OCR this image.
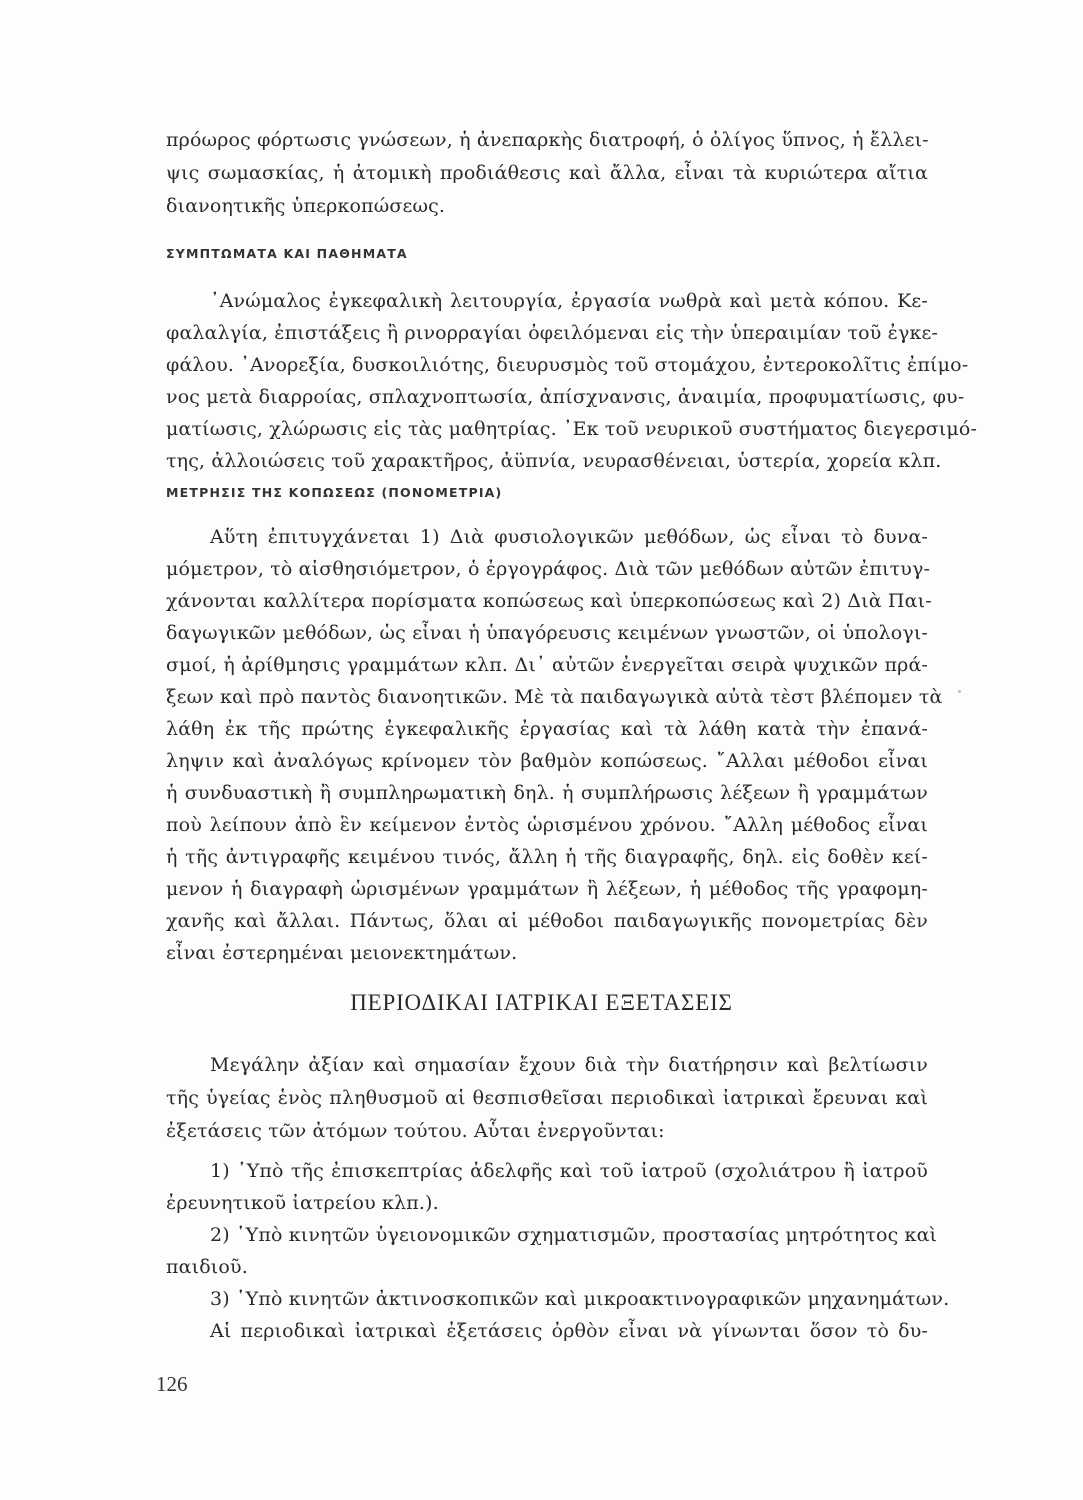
πρόωρος φόρτωσις γνώσεων, ἡ ἀνεπαρκὴς διατροφή, ὁ ὀλίγος ὕπνος, ἡ ἔλλει-
ψις σωμασκίας, ἡ ἀτομικὴ προδιάθεσις καὶ ἄλλα, εἶναι τὰ κυριώτερα αἴτια
διανοητικῆς ὑπερκοπώσεως.
ΣΥΜΠΤΩΜΑΤΑ ΚΑΙ ΠΑΘΗΜΑΤΑ
᾿Ανώμαλος ἐγκεφαλικὴ λειτουργία, ἐργασία νωθρὰ καὶ μετὰ κόπου. Κε-
φαλαλγία, ἐπιστάξεις ἢ ρινορραγίαι ὀφειλόμεναι εἰς τὴν ὑπεραιμίαν τοῦ ἐγκε-
φάλου. ᾿Ανορεξία, δυσκοιλιότης, διευρυσμὸς τοῦ στομάχου, ἐντεροκολῖτις ἐπίμο-
νος μετὰ διαρροίας, σπλαχνοπτωσία, ἀπίσχνανσις, ἀναιμία, προφυματίωσις, φυ-
ματίωσις, χλώρωσις εἰς τὰς μαθητρίας. ᾿Εκ τοῦ νευρικοῦ συστήματος διεγερσιμό-
της, ἀλλοιώσεις τοῦ χαρακτῆρος, ἀϋπνία, νευρασθένειαι, ὑστερία, χορεία κλπ.
ΜΕΤΡΗΣΙΣ ΤΗΣ ΚΟΠΩΣΕΩΣ (ΠΟΝΟΜΕΤΡΙΑ)
Αὕτη ἐπιτυγχάνεται 1) Διὰ φυσιολογικῶν μεθόδων, ὡς εἶναι τὸ δυνα-
μόμετρον, τὸ αἰσθησιόμετρον, ὁ ἐργογράφος. Διὰ τῶν μεθόδων αὐτῶν ἐπιτυγ-
χάνονται καλλίτερα πορίσματα κοπώσεως καὶ ὑπερκοπώσεως καὶ 2) Διὰ Παι-
δαγωγικῶν μεθόδων, ὡς εἶναι ἡ ὑπαγόρευσις κειμένων γνωστῶν, οἱ ὑπολογι-
σμοί, ἡ ἀρίθμησις γραμμάτων κλπ. Δι᾿ αὐτῶν ἐνεργεῖται σειρὰ ψυχικῶν πρά-
ξεων καὶ πρὸ παντὸς διανοητικῶν. Μὲ τὰ παιδαγωγικὰ αὐτὰ τὲστ βλέπομεν τὰ
λάθη ἐκ τῆς πρώτης ἐγκεφαλικῆς ἐργασίας καὶ τὰ λάθη κατὰ τὴν ἐπανά-
ληψιν καὶ ἀναλόγως κρίνομεν τὸν βαθμὸν κοπώσεως. ῎Αλλαι μέθοδοι εἶναι
ἡ συνδυαστικὴ ἢ συμπληρωματικὴ δηλ. ἡ συμπλήρωσις λέξεων ἢ γραμμάτων
ποὺ λείπουν ἀπὸ ἓν κείμενον ἐντὸς ὡρισμένου χρόνου. ῎Αλλη μέθοδος εἶναι
ἡ τῆς ἀντιγραφῆς κειμένου τινός, ἄλλη ἡ τῆς διαγραφῆς, δηλ. εἰς δοθὲν κεί-
μενον ἡ διαγραφὴ ὡρισμένων γραμμάτων ἢ λέξεων, ἡ μέθοδος τῆς γραφομη-
χανῆς καὶ ἄλλαι. Πάντως, ὅλαι αἱ μέθοδοι παιδαγωγικῆς πονομετρίας δὲν
εἶναι ἐστερημέναι μειονεκτημάτων.
ΠΕΡΙΟΔΙΚΑΙ ΙΑΤΡΙΚΑΙ ΕΞΕΤΑΣΕΙΣ
Μεγάλην ἀξίαν καὶ σημασίαν ἔχουν διὰ τὴν διατήρησιν καὶ βελτίωσιν
τῆς ὑγείας ἑνὸς πληθυσμοῦ αἱ θεσπισθεῖσαι περιοδικαὶ ἰατρικαὶ ἔρευναι καὶ
ἐξετάσεις τῶν ἀτόμων τούτου. Αὗται ἐνεργοῦνται:
1) ῾Υπὸ τῆς ἐπισκεπτρίας ἀδελφῆς καὶ τοῦ ἰατροῦ (σχολιάτρου ἢ ἰατροῦ
ἐρευνητικοῦ ἰατρείου κλπ.).
2) ῾Υπὸ κινητῶν ὑγειονομικῶν σχηματισμῶν, προστασίας μητρότητος καὶ
παιδιοῦ.
3) ῾Υπὸ κινητῶν ἀκτινοσκοπικῶν καὶ μικροακτινογραφικῶν μηχανημάτων.
Αἱ περιοδικαὶ ἰατρικαὶ ἐξετάσεις ὀρθὸν εἶναι νὰ γίνωνται ὅσον τὸ δυ-
126
